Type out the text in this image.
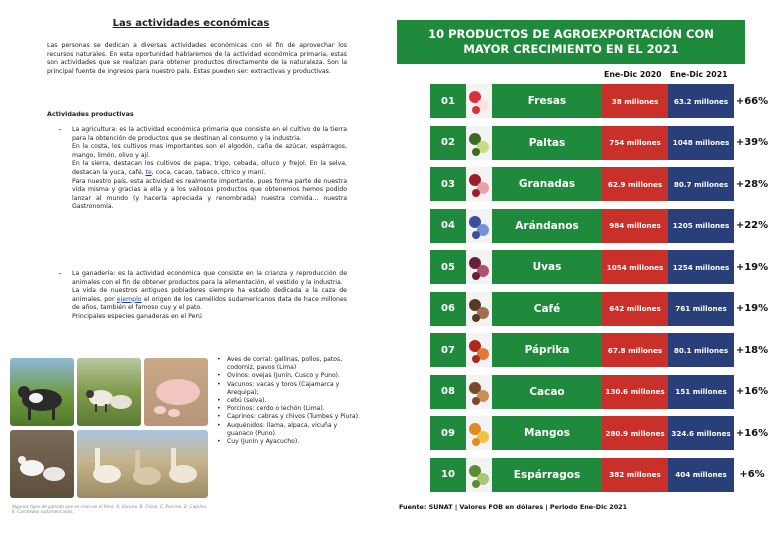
Las actividades económicas
Las personas se dedican a diversas actividades económicas con el fin de aprovechar los recursos naturales. En esta oportunidad hablaremos de la actividad económica primaria, estas son actividades que se realizan para obtener productos directamente de la naturaleza. Son la principal fuente de ingresos para nuestro país. Estas pueden ser: extractivas y productivas.
Actividades productivas
– La agricultura: es la actividad económica primaria que consiste en el cultivo de la tierra para la obtención de productos que se destinan al consumo y la industria.
En la costa, los cultivos mas importantes son el algodón, caña de azúcar, espárragos, mango, limón, olivo y ají.
En la sierra, destacan los cultivos de papa, trigo, cebada, olluco y frejol. En la selva, destacan la yuca, café, te, coca, cacao, tabaco, cítrico y maní.
Para nuestro país, esta actividad es realmente importante, pues forma parte de nuestra vida misma y gracias a ella y a los valiosos productos que obtenemos hemos podido lanzar al mundo (y hacerla apreciada y renombrada) nuestra comida... nuestra Gastronomía.
– La ganadería: es la actividad económica que consiste en la crianza y reproducción de animales con el fin de obtener productos para la alimentación, el vestido y la industria.
La vida de nuestros antiguos pobladores siempre ha estado dedicada a la caza de animales, por ejemplo el origen de los camélidos sudamericanos data de hace millones de años, también el famoso cuy y el pato.
Principales especies ganaderas en el Perú
Algunos tipos de ganado que se crían en el Perú: A. Vacuno. B. Ovino. C. Porcino. D. Caprino. E. Camélidos sudamericanos.
• Aves de corral: gallinas, pollos, patos, codorniz, pavos (Lima)
• Ovinos: ovejas (Junín, Cusco y Puno).
• Vacunos: vacas y toros (Cajamarca y Arequipa);
• cebú (selva).
• Porcinos: cerdo o lechón (Lima).
• Caprinos: cabras y chivos (Tumbes y Piura).
• Auquénidos: llama, alpaca, vicuña y guanaco (Puno).
• Cuy (Junín y Ayacucho).
10 PRODUCTOS DE AGROEXPORTACIÓN CON
MAYOR CRECIMIENTO EN EL 2021
Ene-Dic 2020 Ene-Dic 2021
01	Fresas	38 millones	63.2 millones +66%
02	Paltas	754 millones	1048 millones +39%
03	Granadas	62.9 millones	80.7 millones +28%
04	Arándanos	984 millones	1205 millones +22%
05	Uvas	1054 millones	1254 millones +19%
06	Café	642 millones	761 millones +19%
07	Páprika	67.8 millones	80.1 millones +18%
08	Cacao	130.6 millones	151 millones +16%
09	Mangos	280.9 millones 324.6 millones +16%
10	Espárragos	382 millones	404 millones	+6%
Fuente: SUNAT | Valores FOB en dólares | Periodo Ene-Dic 2021
